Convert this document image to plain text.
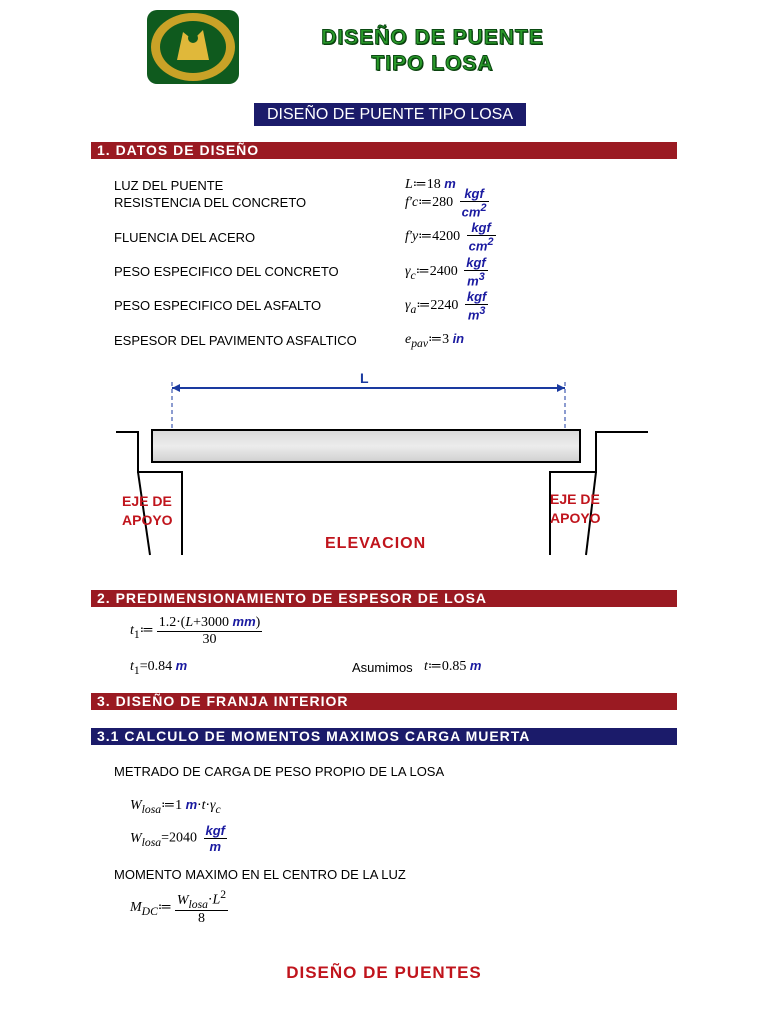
DISEÑO DE PUENTE
TIPO LOSA
DISEÑO DE PUENTE TIPO LOSA
1. DATOS DE DISEÑO
LUZ DEL PUENTE	L≔18 m
RESISTENCIA DEL CONCRETO	f′c≔280 $\frac{\text{kgf}}{cm^2}$
FLUENCIA DEL ACERO	f′y≔4200 $\frac{\text{kgf}}{cm^2}$
PESO ESPECIFICO DEL CONCRETO	$\gamma_c≔2400 \frac{\text{kgf}}{m^3}$
PESO ESPECIFICO DEL ASFALTO	$\gamma_a≔2240 \frac{\text{kgf}}{m^3}$
ESPESOR DEL PAVIMENTO ASFALTICO	$e_{pav}≔3$ in
L
EJE DE
APOYO
EJE DE
APOYO
ELEVACION
2. PREDIMENSIONAMIENTO DE ESPESOR DE LOSA
$t_1≔ \frac{1.2\cdot(L+3000 mm)}{30}$
$t_1=0.84$ m	Asumimos t≔0.85 m
3. DISEÑO DE FRANJA INTERIOR
3.1 CALCULO DE MOMENTOS MAXIMOS CARGA MUERTA
METRADO DE CARGA DE PESO PROPIO DE LA LOSA
$W_{losa}≔1$ $m\cdot t\cdot\gamma_c$
$W_{losa}=2040 \frac{\text{kgf}}{m}$
MOMENTO MAXIMO EN EL CENTRO DE LA LUZ
$M_{DC}≔ \frac{W_{losa}\cdot L^2}{8}$
DISEÑO DE PUENTES
